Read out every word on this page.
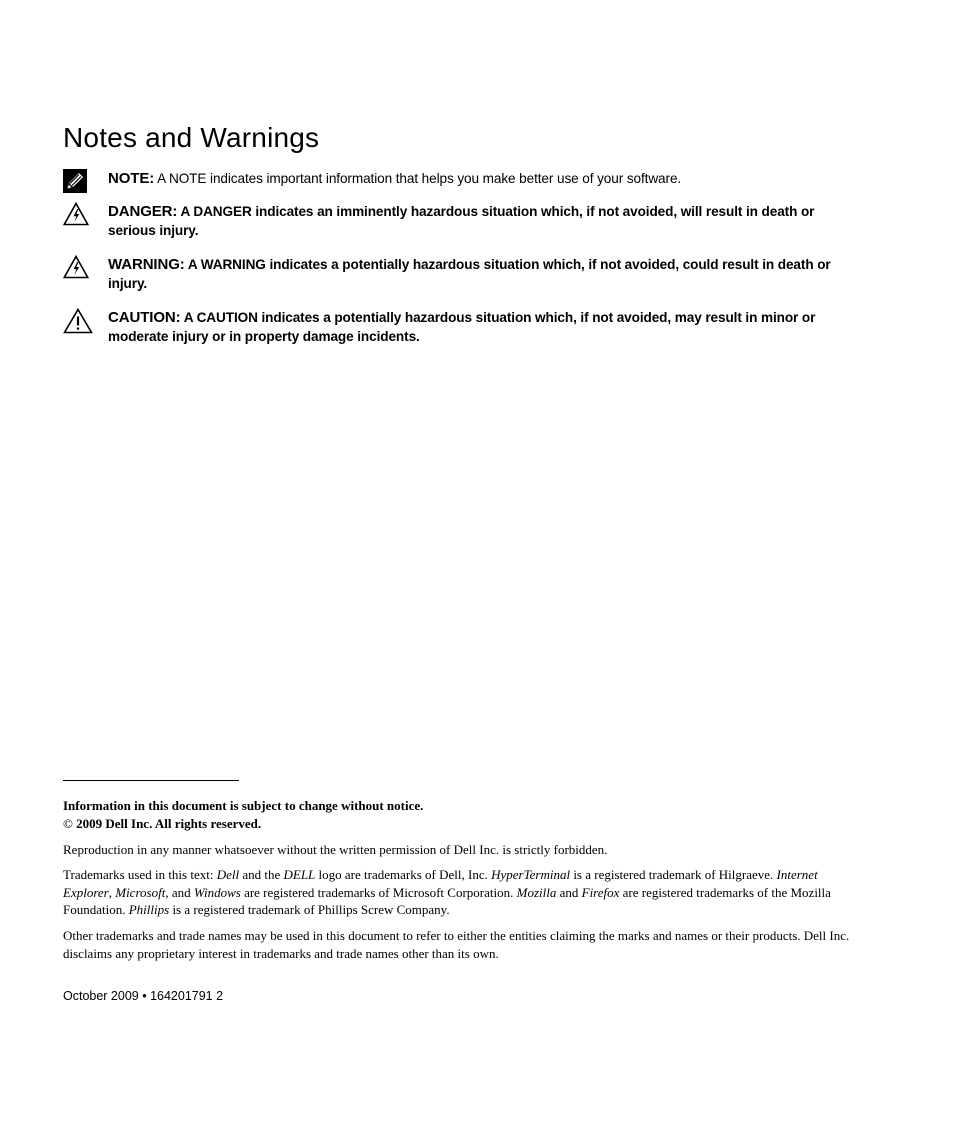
Notes and Warnings
NOTE: A NOTE indicates important information that helps you make better use of your software.
DANGER: A DANGER indicates an imminently hazardous situation which, if not avoided, will result in death or serious injury.
WARNING: A WARNING indicates a potentially hazardous situation which, if not avoided, could result in death or injury.
CAUTION: A CAUTION indicates a potentially hazardous situation which, if not avoided, may result in minor or moderate injury or in property damage incidents.

Information in this document is subject to change without notice.
© 2009 Dell Inc. All rights reserved.

Reproduction in any manner whatsoever without the written permission of Dell Inc. is strictly forbidden.

Trademarks used in this text: Dell and the DELL logo are trademarks of Dell, Inc. HyperTerminal is a registered trademark of Hilgraeve. Internet Explorer, Microsoft, and Windows are registered trademarks of Microsoft Corporation. Mozilla and Firefox are registered trademarks of the Mozilla Foundation. Phillips is a registered trademark of Phillips Screw Company.

Other trademarks and trade names may be used in this document to refer to either the entities claiming the marks and names or their products. Dell Inc. disclaims any proprietary interest in trademarks and trade names other than its own.

October 2009 • 164201791 2
